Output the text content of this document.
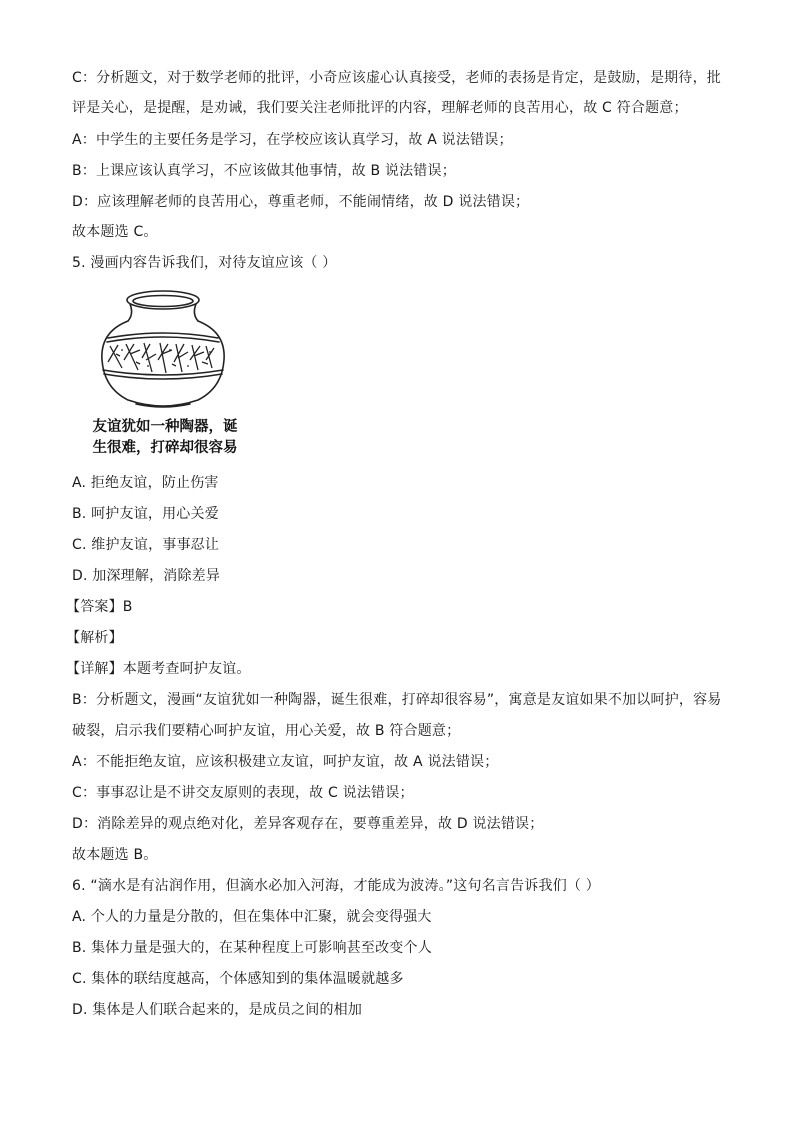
C：分析题文，对于数学老师的批评，小奇应该虚心认真接受，老师的表扬是肯定，是鼓励，是期待，批
评是关心，是提醒，是劝诫，我们要关注老师批评的内容，理解老师的良苦用心，故 C 符合题意；
A：中学生的主要任务是学习，在学校应该认真学习，故 A 说法错误；
B：上课应该认真学习，不应该做其他事情，故 B 说法错误；
D：应该理解老师的良苦用心，尊重老师，不能闹情绪，故 D 说法错误；
故本题选 C。
5. 漫画内容告诉我们，对待友谊应该（ ）
友谊犹如一种陶器，诞
生很难，打碎却很容易
A. 拒绝友谊，防止伤害
B. 呵护友谊，用心关爱
C. 维护友谊，事事忍让
D. 加深理解，消除差异
【答案】B
【解析】
【详解】本题考查呵护友谊。
B：分析题文，漫画“友谊犹如一种陶器，诞生很难，打碎却很容易”，寓意是友谊如果不加以呵护，容易
破裂，启示我们要精心呵护友谊，用心关爱，故 B 符合题意；
A：不能拒绝友谊，应该积极建立友谊，呵护友谊，故 A 说法错误；
C：事事忍让是不讲交友原则的表现，故 C 说法错误；
D：消除差异的观点绝对化，差异客观存在，要尊重差异，故 D 说法错误；
故本题选 B。
6. “滴水是有沾润作用，但滴水必加入河海，才能成为波涛。”这句名言告诉我们（ ）
A. 个人的力量是分散的，但在集体中汇聚，就会变得强大
B. 集体力量是强大的，在某种程度上可影响甚至改变个人
C. 集体的联结度越高，个体感知到的集体温暖就越多
D. 集体是人们联合起来的，是成员之间的相加
